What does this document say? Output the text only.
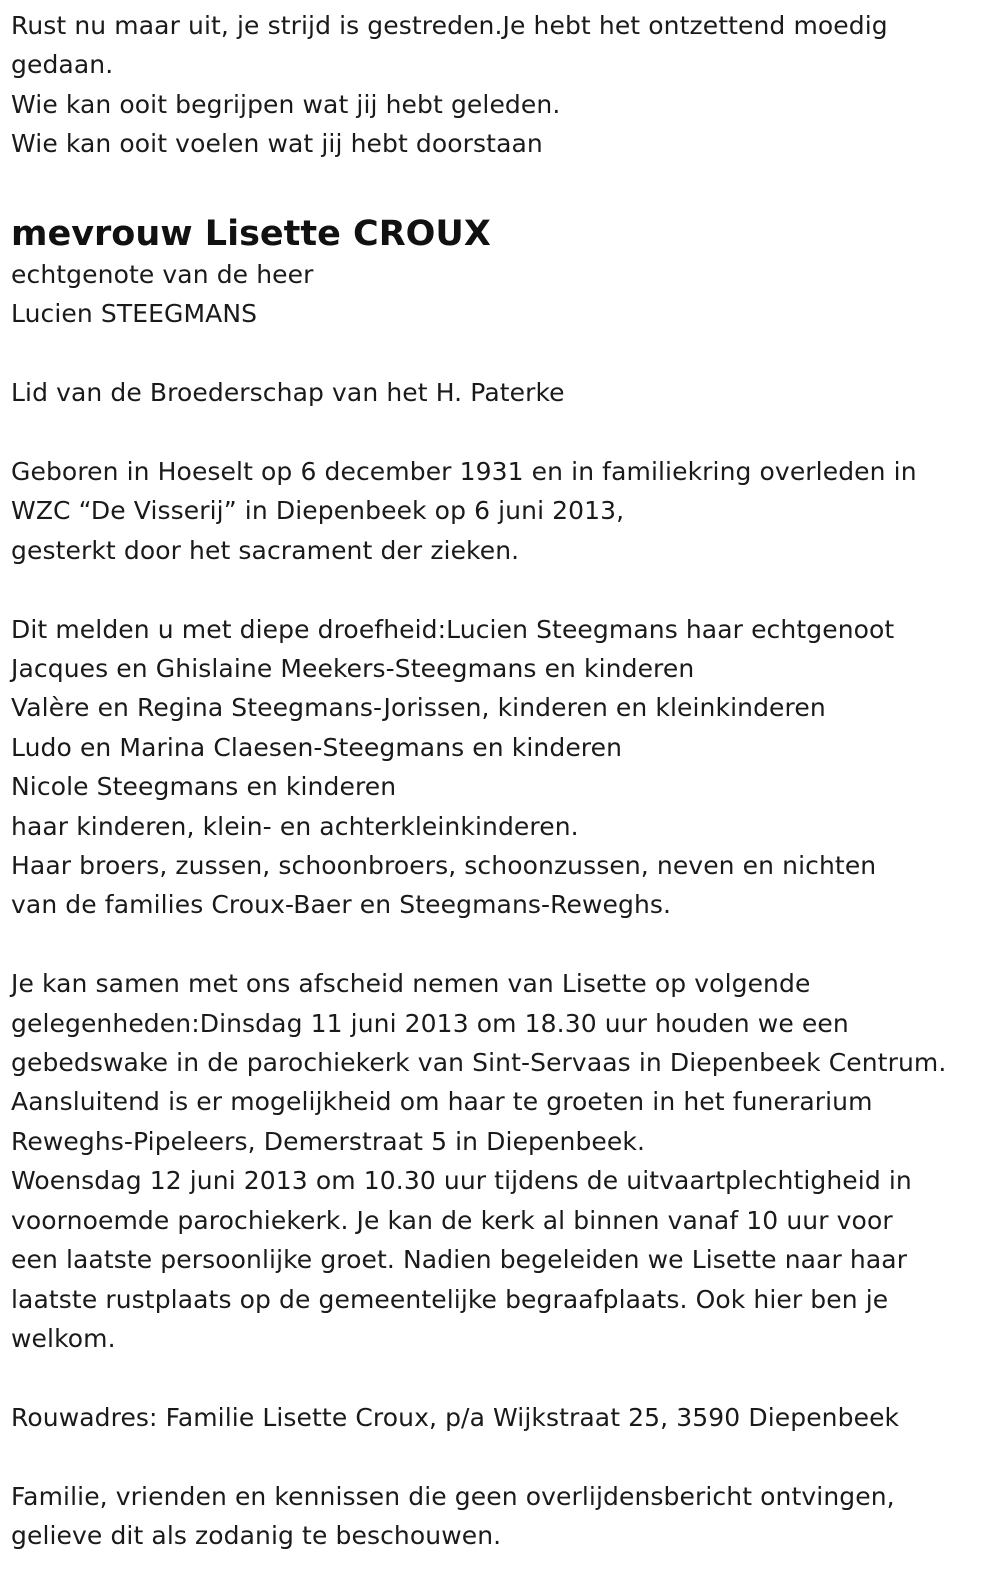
Rust nu maar uit, je strijd is gestreden.Je hebt het ontzettend moedig
gedaan.
Wie kan ooit begrijpen wat jij hebt geleden.
Wie kan ooit voelen wat jij hebt doorstaan
mevrouw Lisette CROUX
echtgenote van de heer
Lucien STEEGMANS
Lid van de Broederschap van het H. Paterke
Geboren in Hoeselt op 6 december 1931 en in familiekring overleden in
WZC “De Visserij” in Diepenbeek op 6 juni 2013,
gesterkt door het sacrament der zieken.
Dit melden u met diepe droefheid:Lucien Steegmans haar echtgenoot
Jacques en Ghislaine Meekers-Steegmans en kinderen
Valère en Regina Steegmans-Jorissen, kinderen en kleinkinderen
Ludo en Marina Claesen-Steegmans en kinderen
Nicole Steegmans en kinderen
haar kinderen, klein- en achterkleinkinderen.
Haar broers, zussen, schoonbroers, schoonzussen, neven en nichten
van de families Croux-Baer en Steegmans-Reweghs.
Je kan samen met ons afscheid nemen van Lisette op volgende
gelegenheden:Dinsdag 11 juni 2013 om 18.30 uur houden we een
gebedswake in de parochiekerk van Sint-Servaas in Diepenbeek Centrum.
Aansluitend is er mogelijkheid om haar te groeten in het funerarium
Reweghs-Pipeleers, Demerstraat 5 in Diepenbeek.
Woensdag 12 juni 2013 om 10.30 uur tijdens de uitvaartplechtigheid in
voornoemde parochiekerk. Je kan de kerk al binnen vanaf 10 uur voor
een laatste persoonlijke groet. Nadien begeleiden we Lisette naar haar
laatste rustplaats op de gemeentelijke begraafplaats. Ook hier ben je
welkom.
Rouwadres: Familie Lisette Croux, p/a Wijkstraat 25, 3590 Diepenbeek
Familie, vrienden en kennissen die geen overlijdensbericht ontvingen,
gelieve dit als zodanig te beschouwen.
